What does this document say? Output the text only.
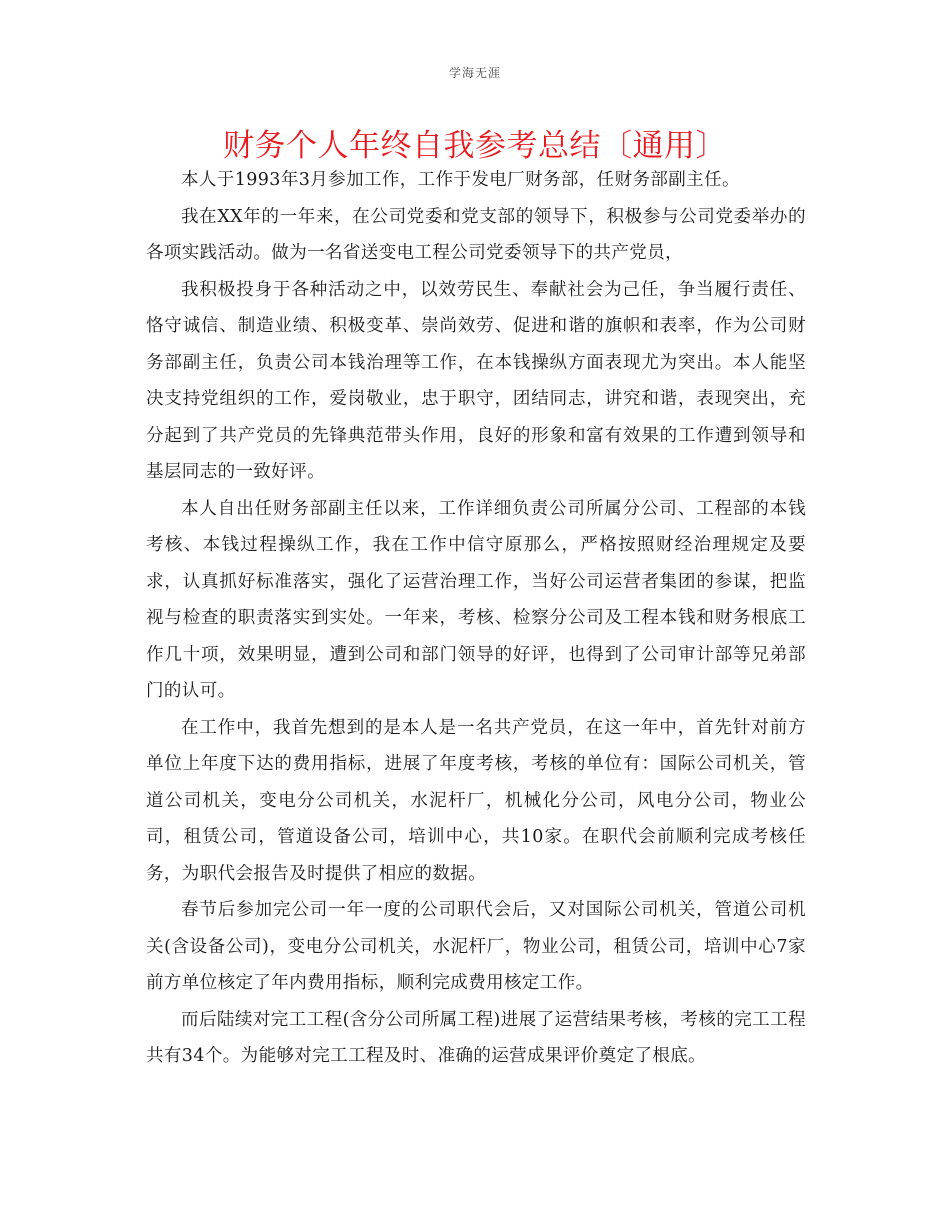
学海无涯
财务个人年终自我参考总结〔通用〕

本人于1993年3月参加工作，工作于发电厂财务部，任财务部副主任。

我在XX年的一年来，在公司党委和党支部的领导下，积极参与公司党委举办的各项实践活动。做为一名省送变电工程公司党委领导下的共产党员，

我积极投身于各种活动之中，以效劳民生、奉献社会为己任，争当履行责任、恪守诚信、制造业绩、积极变革、崇尚效劳、促进和谐的旗帜和表率，作为公司财务部副主任，负责公司本钱治理等工作，在本钱操纵方面表现尤为突出。本人能坚决支持党组织的工作，爱岗敬业，忠于职守，团结同志，讲究和谐，表现突出，充分起到了共产党员的先锋典范带头作用，良好的形象和富有效果的工作遭到领导和基层同志的一致好评。

本人自出任财务部副主任以来，工作详细负责公司所属分公司、工程部的本钱考核、本钱过程操纵工作，我在工作中信守原那么，严格按照财经治理规定及要求，认真抓好标准落实，强化了运营治理工作，当好公司运营者集团的参谋，把监视与检查的职责落实到实处。一年来，考核、检察分公司及工程本钱和财务根底工作几十项，效果明显，遭到公司和部门领导的好评，也得到了公司审计部等兄弟部门的认可。

在工作中，我首先想到的是本人是一名共产党员，在这一年中，首先针对前方单位上年度下达的费用指标，进展了年度考核，考核的单位有：国际公司机关，管道公司机关，变电分公司机关，水泥杆厂，机械化分公司，风电分公司，物业公司，租赁公司，管道设备公司，培训中心，共10家。在职代会前顺利完成考核任务，为职代会报告及时提供了相应的数据。

春节后参加完公司一年一度的公司职代会后，又对国际公司机关，管道公司机关(含设备公司)，变电分公司机关，水泥杆厂，物业公司，租赁公司，培训中心7家前方单位核定了年内费用指标，顺利完成费用核定工作。

而后陆续对完工工程(含分公司所属工程)进展了运营结果考核，考核的完工工程共有34个。为能够对完工工程及时、准确的运营成果评价奠定了根底。
